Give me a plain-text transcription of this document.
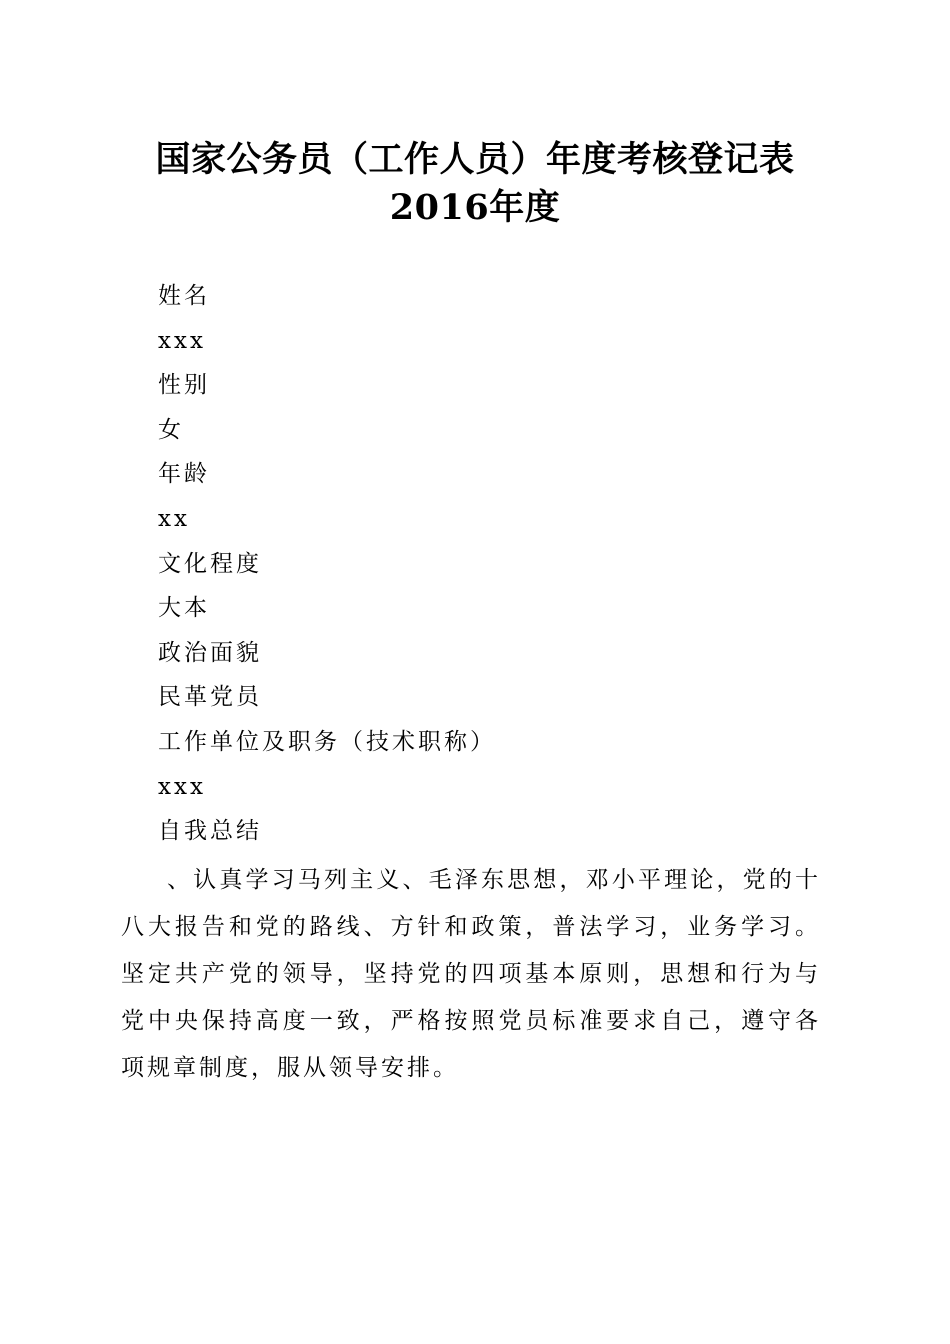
国家公务员（工作人员）年度考核登记表
2016年度
姓名
xxx
性别
女
年龄
xx
文化程度
大本
政治面貌
民革党员
工作单位及职务（技术职称）
xxx
自我总结

、认真学习马列主义、毛泽东思想，邓小平理论，党的十八大报告和党的路线、方针和政策，普法学习，业务学习。坚定共产党的领导，坚持党的四项基本原则，思想和行为与党中央保持高度一致，严格按照党员标准要求自己，遵守各项规章制度，服从领导安排。
